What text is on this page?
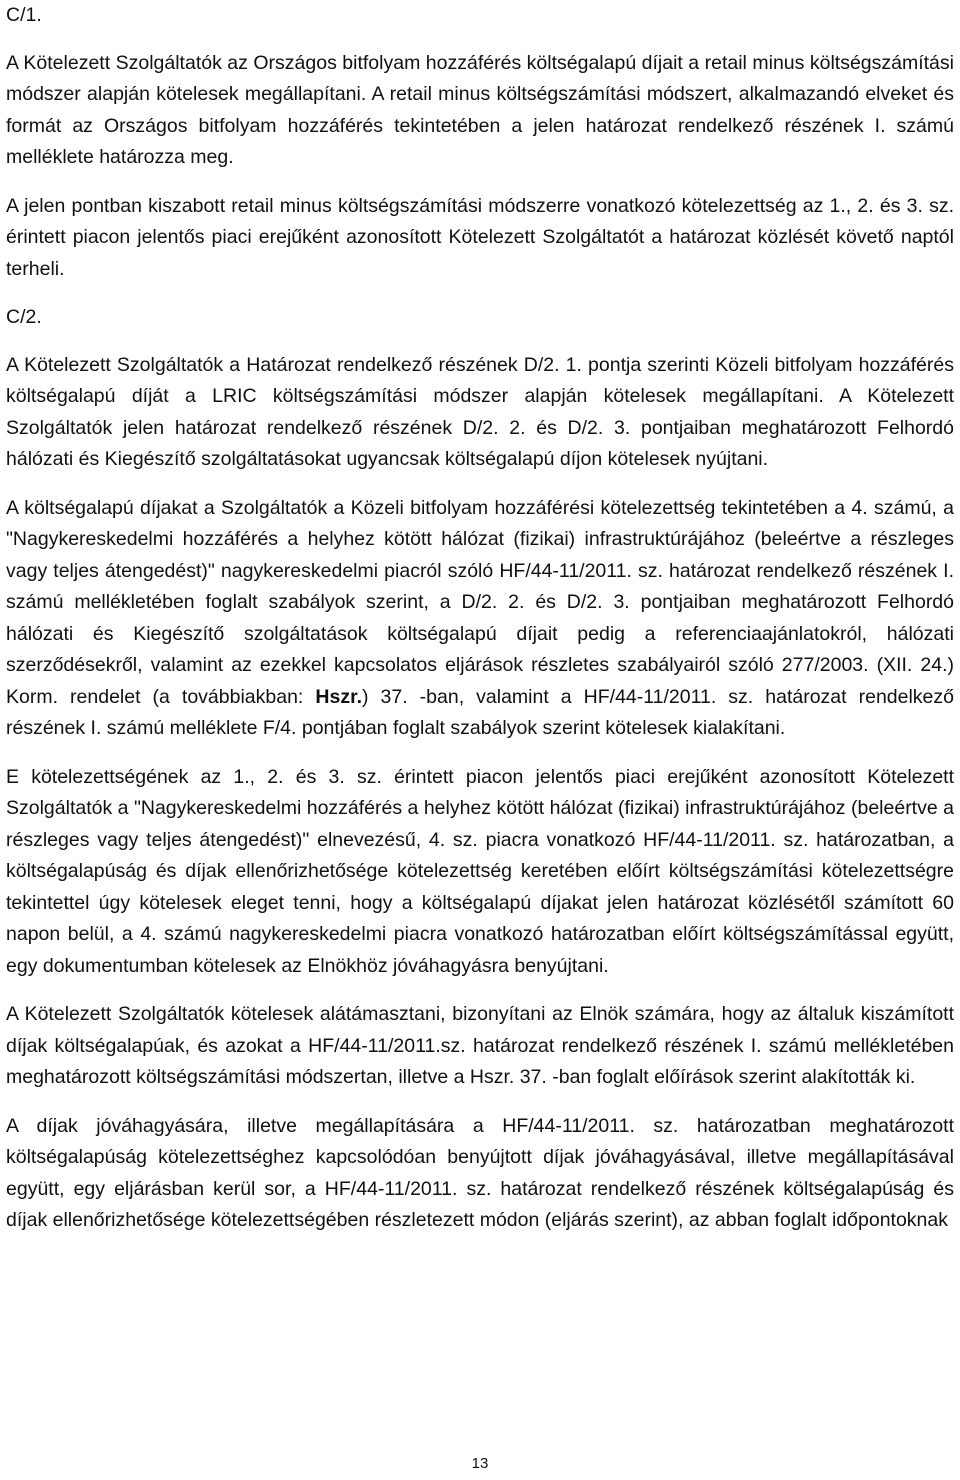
C/1.

A Kötelezett Szolgáltatók az Országos bitfolyam hozzáférés költségalapú díjait a retail minus költségszámítási módszer alapján kötelesek megállapítani. A retail minus költségszámítási módszert, alkalmazandó elveket és formát az Országos bitfolyam hozzáférés tekintetében a jelen határozat rendelkező részének I. számú melléklete határozza meg.

A jelen pontban kiszabott retail minus költségszámítási módszerre vonatkozó kötelezettség az 1., 2. és 3. sz. érintett piacon jelentős piaci erejűként azonosított Kötelezett Szolgáltatót a határozat közlését követő naptól terheli.

C/2.

A Kötelezett Szolgáltatók a Határozat rendelkező részének D/2. 1. pontja szerinti Közeli bitfolyam hozzáférés költségalapú díját a LRIC költségszámítási módszer alapján kötelesek megállapítani. A Kötelezett Szolgáltatók jelen határozat rendelkező részének D/2. 2. és D/2. 3. pontjaiban meghatározott Felhordó hálózati és Kiegészítő szolgáltatásokat ugyancsak költségalapú díjon kötelesek nyújtani.

A költségalapú díjakat a Szolgáltatók a Közeli bitfolyam hozzáférési kötelezettség tekintetében a 4. számú, a "Nagykereskedelmi hozzáférés a helyhez kötött hálózat (fizikai) infrastruktúrájához (beleértve a részleges vagy teljes átengedést)" nagykereskedelmi piacról szóló HF/44-11/2011. sz. határozat rendelkező részének I. számú mellékletében foglalt szabályok szerint, a D/2. 2. és D/2. 3. pontjaiban meghatározott Felhordó hálózati és Kiegészítő szolgáltatások költségalapú díjait pedig a referenciaajánlatokról, hálózati szerződésekről, valamint az ezekkel kapcsolatos eljárások részletes szabályairól szóló 277/2003. (XII. 24.) Korm. rendelet (a továbbiakban: Hszr.) 37. -ban, valamint a HF/44-11/2011. sz. határozat rendelkező részének I. számú melléklete F/4. pontjában foglalt szabályok szerint kötelesek kialakítani.

E kötelezettségének az 1., 2. és 3. sz. érintett piacon jelentős piaci erejűként azonosított Kötelezett Szolgáltatók a "Nagykereskedelmi hozzáférés a helyhez kötött hálózat (fizikai) infrastruktúrájához (beleértve a részleges vagy teljes átengedést)" elnevezésű, 4. sz. piacra vonatkozó HF/44-11/2011. sz. határozatban, a költségalapúság és díjak ellenőrizhetősége kötelezettség keretében előírt költségszámítási kötelezettségre tekintettel úgy kötelesek eleget tenni, hogy a költségalapú díjakat jelen határozat közlésétől számított 60 napon belül, a 4. számú nagykereskedelmi piacra vonatkozó határozatban előírt költségszámítással együtt, egy dokumentumban kötelesek az Elnökhöz jóváhagyásra benyújtani.

A Kötelezett Szolgáltatók kötelesek alátámasztani, bizonyítani az Elnök számára, hogy az általuk kiszámított díjak költségalapúak, és azokat a HF/44-11/2011.sz. határozat rendelkező részének I. számú mellékletében meghatározott költségszámítási módszertan, illetve a Hszr. 37. -ban foglalt előírások szerint alakították ki.

A díjak jóváhagyására, illetve megállapítására a HF/44-11/2011. sz. határozatban meghatározott költségalapúság kötelezettséghez kapcsolódóan benyújtott díjak jóváhagyásával, illetve megállapításával együtt, egy eljárásban kerül sor, a HF/44-11/2011. sz. határozat rendelkező részének költségalapúság és díjak ellenőrizhetősége kötelezettségében részletezett módon (eljárás szerint), az abban foglalt időpontoknak

13
